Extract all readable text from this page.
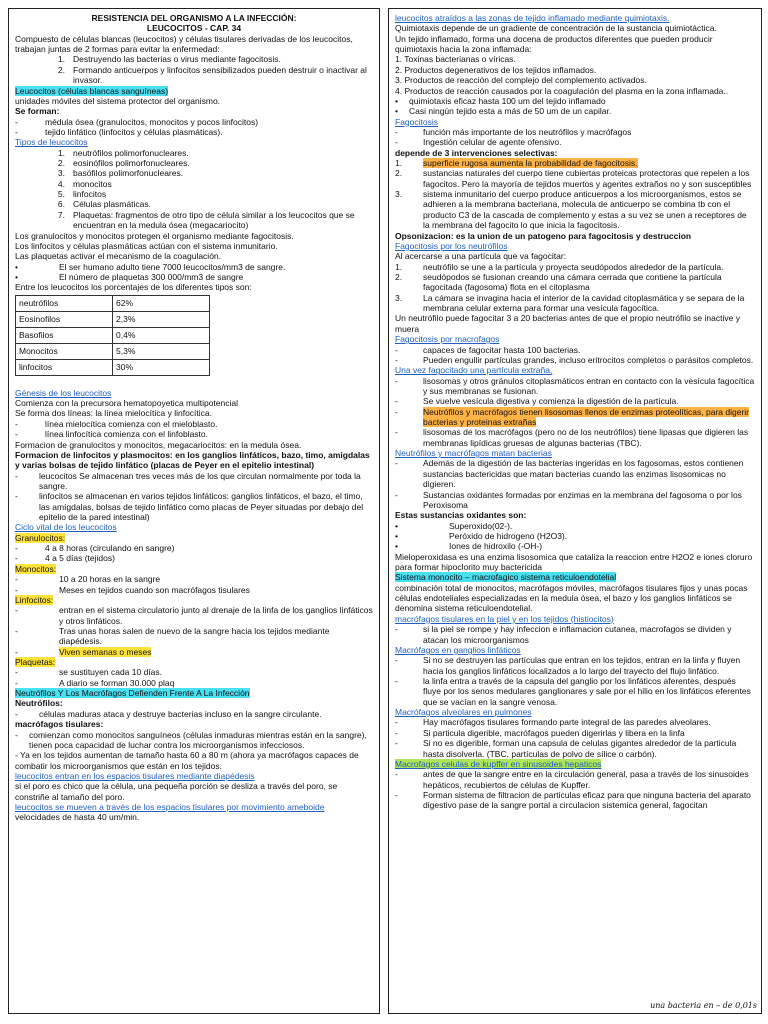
RESISTENCIA DEL ORGANISMO A LA INFECCIÓN:

LEUCOCITOS - CAP. 34

Compuesto de células blancas (leucocitos) y células tisulares derivadas de los leucocitos, trabajan juntas de 2 formas para evitar la enfermedad:

1. Destruyendo las bacterias o virus mediante fagocitosis.
2. Formando anticuerpos y linfocitos sensibilizados pueden destruir o inactivar al invasor.

Leucocitos (células blancas sanguíneas)

unidades móviles del sistema protector del organismo.

Se forman:

-	médula ósea (granulocitos, monocitos y pocos linfocitos)
-	tejido linfático (linfocitos y células plasmáticas).

Tipos de leucocitos

1. neutrófilos polimorfonucleares.
2. eosinófilos polimorfonucleares.
3. basófilos polimorfonucleares.
4. monocitos
5. linfocitos
6. Células plasmáticas.
7. Plaquetas: fragmentos de otro tipo de célula similar a los leucocitos que se encuentran en la medula ósea (megacariocito)

Los granulocitos y monocitos protegen el organismo mediante fagocitosis.

Los linfocitos y células plasmáticas actúan con el sistema inmunitario.

Las plaquetas activar el mecanismo de la coagulación.

•	El ser humano adulto tiene 7000 leucocitos/mm3 de sangre.
•	El número de plaquetas 300 000/mm3 de sangre

Entre los leucocitos los porcentajes de los diferentes tipos son:

neutrófilos	62%
Eosinofilos	2,3%
Basofilos	0,4%
Monocitos	5,3%
linfocitos	30%

Génesis de los leucocitos

Comienza con la precursora hematopoyetica multipotencial

Se forma dos líneas: la línea mielocítica y linfocítica.

-	línea mielocítica comienza con el mieloblasto.
-	línea linfocítica comienza con el linfoblasto.

Formacion de granulocitos y monocitos, megacariocitos: en la medula ósea.

Formacion de linfocitos y plasmocitos: en los ganglios linfáticos, bazo, timo, amigdalas y varias bolsas de tejido linfático (placas de Peyer en el epitelio intestinal)

-	leucocitos Se almacenan tres veces más de los que circulan normalmente por toda la sangre.
-	linfocitos se almacenan en varios tejidos linfáticos: ganglios linfáticos, el bazo, el timo, las amígdalas, bolsas de tejido linfático como placas de Peyer situadas por debajo del epitelio de la pared intestinal)

Ciclo vital de los leucocitos

Granulocitos:

-	4 a 8 horas (circulando en sangre)
-	4 a 5 días (tejidos)

Monocitos:

-	10 a 20 horas en la sangre
-	Meses en tejidos cuando son macrófagos tisulares

Linfocitos:

-	entran en el sistema circulatorio junto al drenaje de la linfa de los ganglios linfáticos y otros linfáticos.
-	Tras unas horas salen de nuevo de la sangre hacia los tejidos mediante diapédesis.
-	Viven semanas o meses

Plaquetas:

-	se sustituyen cada 10 días.
-	A diario se forman 30.000 plaq

Neutrófilos Y Los Macrófagos Defienden Frente A La Infección

Neutrófilos:

-	células maduras ataca y destruye bacterias incluso en la sangre circulante.

macrófagos tisulares:

-	comienzan como monocitos sanguíneos (células inmaduras mientras están en la sangre), tienen poca capacidad de luchar contra los microorganismos infecciosos.

- Ya en los tejidos aumentan de tamaño hasta 60 a 80 m (ahora ya macrófagos capaces de combatir los microorganismos que están en los tejidos.

leucocitos entran en los espacios tisulares mediante diapédesis

si el poro es chico que la célula, una pequeña porción se desliza a través del poro, se constriñe al tamaño del poro.

leucocitos se mueven a través de los espacios tisulares por movimiento ameboide

velocidades de hasta 40 um/min.

leucocitos atraídos a las zonas de tejido inflamado mediante quimiotaxis.

Quimiotaxis depende de un gradiente de concentración de la sustancia quimiotáctica.

Un tejido inflamado, forma una docena de productos diferentes que pueden producir quimiotaxis hacia la zona inflamada:

1. Toxinas bacterianas o víricas.

2. Productos degenerativos de los tejidos inflamados.

3. Productos de reacción del complejo del complemento activados.

4. Productos de reacción causados por la coagulación del plasma en la zona inflamada..

•	quimiotaxis eficaz hasta 100 um del tejido inflamado
•	Casi ningún tejido esta a más de 50 um de un capilar.

Fagocitosis

-	función más importante de los neutrófilos y macrófagos
-	Ingestión celular de agente ofensivo.

depende de 3 intervenciones selectivas:

1.	superficie rugosa aumenta la probabilidad de fagocitosis.
2.	sustancias naturales del cuerpo tiene cubiertas proteicas protectoras que repelen a los fagocitos. Pero la mayoría de tejidos muertos y agentes extraños no y son susceptibles
3.	sistema inmunitario del cuerpo produce anticuerpos a los microorganismos, estos se adhieren a la membrana bacteriana, molecula de anticuerpo se combina tb con el producto C3 de la cascada de complemento y estas a su vez se unen a receptores de la membrana del fagocito lo que inicia la fagocitosis.

Opsonizacion: es la union de un patogeno para fagocitosis y destruccion

Fagocitosis por los neutrófilos

Al acercarse a una partícula que va fagocitar:

1.	neutrófilo se une a la partícula y proyecta seudópodos alrededor de la partícula.
2.	seudópodos se fusionan creando una cámara cerrada que contiene la partícula fagocitada (fagosoma) flota en el citoplasma
3.	La cámara se invagina hacia el interior de la cavidad citoplasmática y se separa de la membrana celular externa para formar una vesícula fagocítica.

Un neutrófilo puede fagocitar 3 a 20 bacterias antes de que el propio neutrófilo se inactive y muera

Fagocitosis por macrofagos

-	capaces de fagocitar hasta 100 bacterias.
-	Pueden engullir partículas grandes, incluso eritrocitos completos o parásitos completos.

Una vez fagocitado una partícula extraña,

-	lisosomas y otros gránulos citoplasmáticos entran en contacto con la vesícula fagocítica y sus membranas se fusionan.
-	Se vuelve vesícula digestiva y comienza la digestión de la partícula.
-	Neutrófilos y macrófagos tienen lisosomas llenos de enzimas proteolíticas, para digerir bacterias y proteinas extrañas
-	lisosomas de los macrófagos (pero no de los neutrófilos) tiene lipasas que digieren las membranas lipídicas gruesas de algunas bacterias (TBC).

Neutrófilos y macrófagos matan bacterias

-	Además de la digestión de las bacterias ingeridas en los fagosomas, estos contienen sustancias bactericidas que matan bacterias cuando las enzimas lisosomicas no digieren.
-	Sustancias oxidantes formadas por enzimas en la membrana del fagosoma o por los Peroxisoma

Estas sustancias oxidantes son:

•	Superoxido(02-).
•	Peróxido de hidrogeno (H2O3).
•	Iones de hidroxilo (-OH-)

Mieloperoxidasa es una enzima lisosomica que cataliza la reaccion entre H2O2 e iones cloruro para formar hipoclorito muy bactericida

Sistema monocito – macrofagico sistema reticuloendotelial

combinación total de monocitos, macrófagos móviles, macrófagos tisulares fijos y unas pocas células endoteliales especializadas en la medula ósea, el bazo y los ganglios linfáticos se denomina sistema reticuloendotelial.

macrófagos tisulares en la piel y en los tejidos (histiocitos)

-	si la piel se rompe y hay infeccion e inflamacion cutanea, macrofagos se dividen y atacan los microorganismos

Macrófagos en ganglios linfáticos

-	Si no se destruyen las partículas que entran en los tejidos, entran en la linfa y fluyen hacia los ganglios linfáticos localizados a lo largo del trayecto del flujo linfático.
-	la linfa entra a través de la capsula del ganglio por los linfáticos aferentes, después fluye por los senos medulares ganglionares y sale por el hilio en los linfáticos eferentes que se vacían en la sangre venosa.

Macrófagos alveolares en pulmones

-	Hay macrófagos tisulares formando parte integral de las paredes alveolares.
-	Si particula digerible, macrófagos pueden digerirlas y libera en la linfa
-	Si no es digerible, forman una capsula de celulas gigantes alrededor de la particula hasta disolverla. (TBC, partículas de polvo de sílice o carbón).

Macrofagos celulas de kupffer en sinusoides hepaticos

-	antes de que la sangre entre en la circulación general, pasa a través de los sinusoides hepáticos, recubiertos de células de Kupffer.
-	Forman sistema de filtracion de particulas eficaz para que ninguna bacteria del aparato digestivo pase de la sangre portal a circulacion sistemica general, fagocitan
una bacteria en – de 0,01s
